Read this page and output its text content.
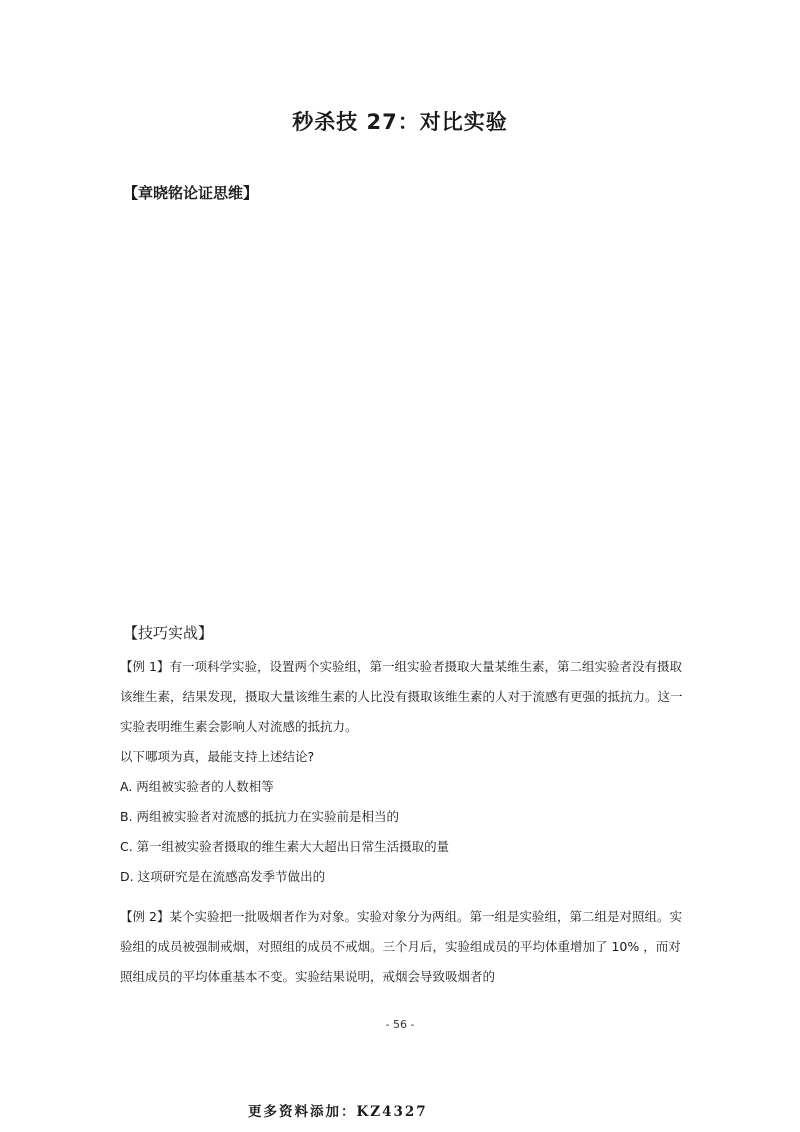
秒杀技 27：对比实验
【章晓铭论证思维】
【技巧实战】

【例 1】有一项科学实验，设置两个实验组，第一组实验者摄取大量某维生素，第二组实验者没有摄取该维生素，结果发现，摄取大量该维生素的人比没有摄取该维生素的人对于流感有更强的抵抗力。这一实验表明维生素会影响人对流感的抵抗力。

以下哪项为真，最能支持上述结论?

A. 两组被实验者的人数相等

B. 两组被实验者对流感的抵抗力在实验前是相当的

C. 第一组被实验者摄取的维生素大大超出日常生活摄取的量

D. 这项研究是在流感高发季节做出的

【例 2】某个实验把一批吸烟者作为对象。实验对象分为两组。第一组是实验组，第二组是对照组。实验组的成员被强制戒烟，对照组的成员不戒烟。三个月后，实验组成员的平均体重增加了 10% ，而对照组成员的平均体重基本不变。实验结果说明，戒烟会导致吸烟者的

- 56 -
更多资料添加：KZ4327
